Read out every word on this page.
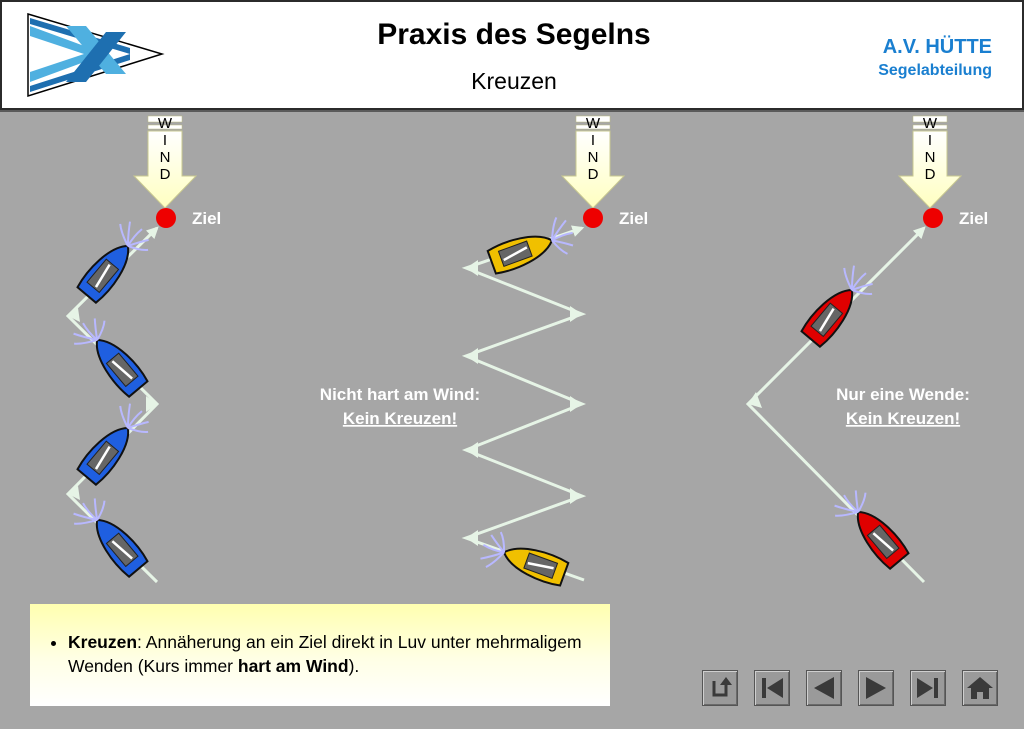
Praxis des Segelns
Kreuzen
A.V. HÜTTE
Segelabteilung
W
I
N
D
W
I
N
D
W
I
N
D
Ziel	Ziel	Ziel
Nicht hart am Wind:
Kein Kreuzen!
Nur eine Wende:
Kein Kreuzen!
• Kreuzen: Annäherung an ein Ziel direkt in Luv unter mehrmaligem Wenden (Kurs immer hart am Wind).
